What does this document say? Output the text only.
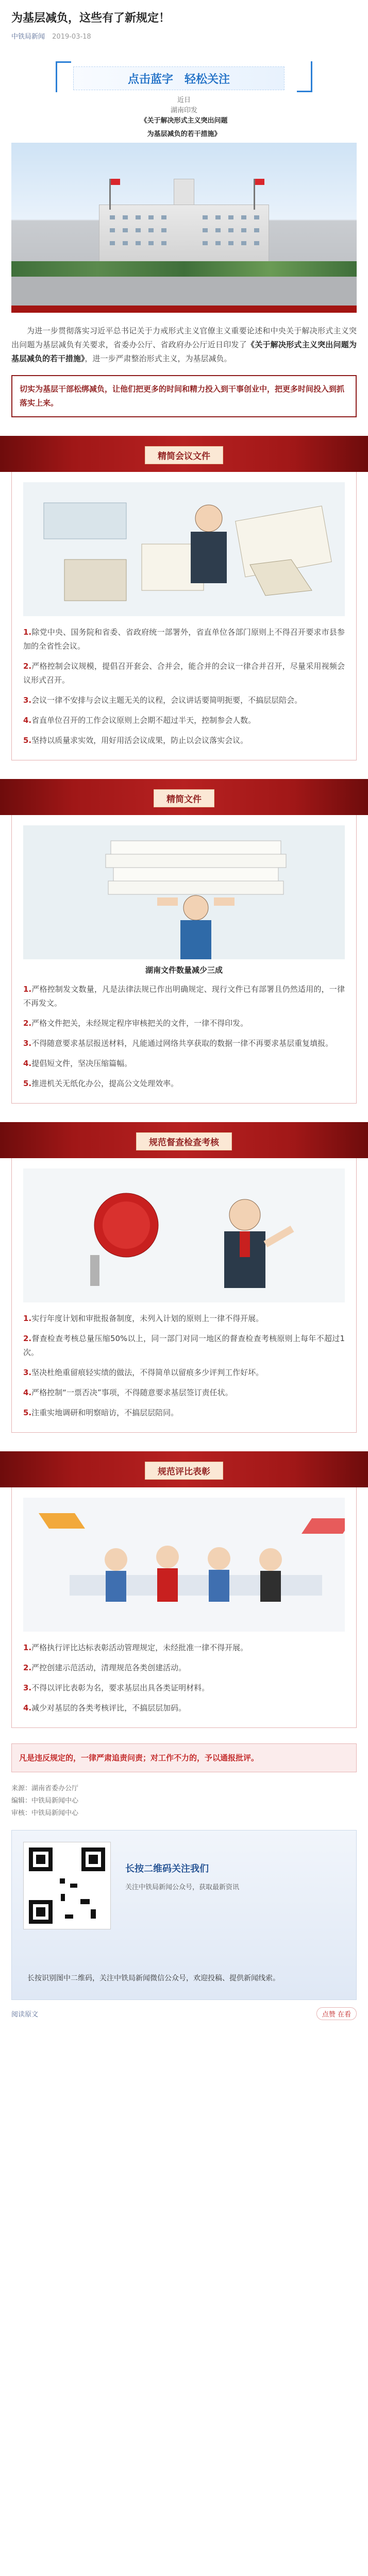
为基层减负，这些有了新规定！
中铁局新闻 2019-03-18
点击蓝字　轻松关注
近日
湖南印发
《关于解决形式主义突出问题
为基层减负的若干措施》
为进一步贯彻落实习近平总书记关于力戒形式主义官僚主义重要论述和中央关于解决形式主义突出问题为基层减负有关要求，省委办公厅、省政府办公厅近日印发了《关于解决形式主义突出问题为基层减负的若干措施》，进一步严肃整治形式主义，为基层减负。
切实为基层干部松绑减负，让他们把更多的时间和精力投入到干事创业中，把更多时间投入到抓落实上来。
精简会议文件
1.除党中央、国务院和省委、省政府统一部署外，省直单位各部门原则上不得召开要求市县参加的全省性会议。
2.严格控制会议规模，提倡召开套会、合并会，能合并的会议一律合并召开，尽量采用视频会议形式召开。
3.会议一律不安排与会议主题无关的议程，会议讲话要简明扼要，不搞层层陪会。
4.省直单位召开的工作会议原则上会期不超过半天，控制参会人数。
5.坚持以质量求实效，用好用活会议成果，防止以会议落实会议。
精简文件
湖南文件数量减少三成
1.严格控制发文数量，凡是法律法规已作出明确规定、现行文件已有部署且仍然适用的，一律不再发文。
2.严格文件把关，未经规定程序审核把关的文件，一律不得印发。
3.不得随意要求基层报送材料，凡能通过网络共享获取的数据一律不再要求基层重复填报。
4.提倡短文件，坚决压缩篇幅。
5.推进机关无纸化办公，提高公文处理效率。
规范督查检查考核
1.实行年度计划和审批报备制度，未列入计划的原则上一律不得开展。
2.督查检查考核总量压缩50%以上，同一部门对同一地区的督查检查考核原则上每年不超过1次。
3.坚决杜绝重留痕轻实绩的做法，不得简单以留痕多少评判工作好坏。
4.严格控制“一票否决”事项，不得随意要求基层签订责任状。
5.注重实地调研和明察暗访，不搞层层陪同。
规范评比表彰
1.严格执行评比达标表彰活动管理规定，未经批准一律不得开展。
2.严控创建示范活动，清理规范各类创建活动。
3.不得以评比表彰为名，要求基层出具各类证明材料。
4.减少对基层的各类考核评比，不搞层层加码。
凡是违反规定的，一律严肃追责问责；对工作不力的，予以通报批评。
来源：湖南省委办公厅
编辑：中铁局新闻中心
审核：中铁局新闻中心
长按二维码关注我们
关注中铁局新闻公众号，获取最新资讯
长按识别图中二维码，关注中铁局新闻微信公众号，欢迎投稿、提供新闻线索。
阅读原文	点赞 在看
